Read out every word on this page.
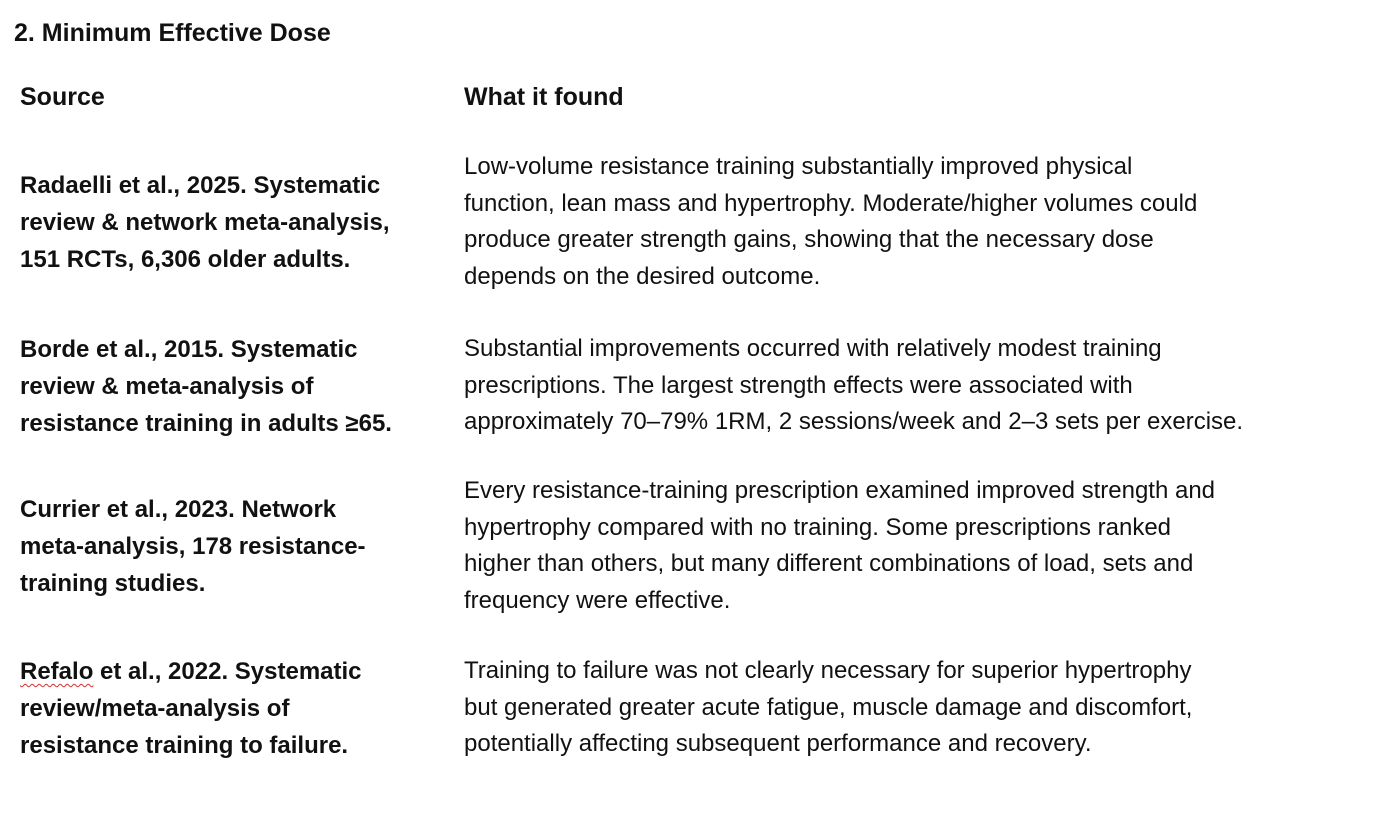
2. Minimum Effective Dose
Source	What it found
Radaelli et al., 2025. Systematic
review & network meta-analysis,
151 RCTs, 6,306 older adults.
Low-volume resistance training substantially improved physical
function, lean mass and hypertrophy. Moderate/higher volumes could
produce greater strength gains, showing that the necessary dose
depends on the desired outcome.
Borde et al., 2015. Systematic
review & meta-analysis of
resistance training in adults ≥65.
Substantial improvements occurred with relatively modest training
prescriptions. The largest strength effects were associated with
approximately 70–79% 1RM, 2 sessions/week and 2–3 sets per exercise.
Currier et al., 2023. Network
meta-analysis, 178 resistance-
training studies.
Every resistance-training prescription examined improved strength and
hypertrophy compared with no training. Some prescriptions ranked
higher than others, but many different combinations of load, sets and
frequency were effective.
Refalo et al., 2022. Systematic
review/meta-analysis of
resistance training to failure.
Training to failure was not clearly necessary for superior hypertrophy
but generated greater acute fatigue, muscle damage and discomfort,
potentially affecting subsequent performance and recovery.
